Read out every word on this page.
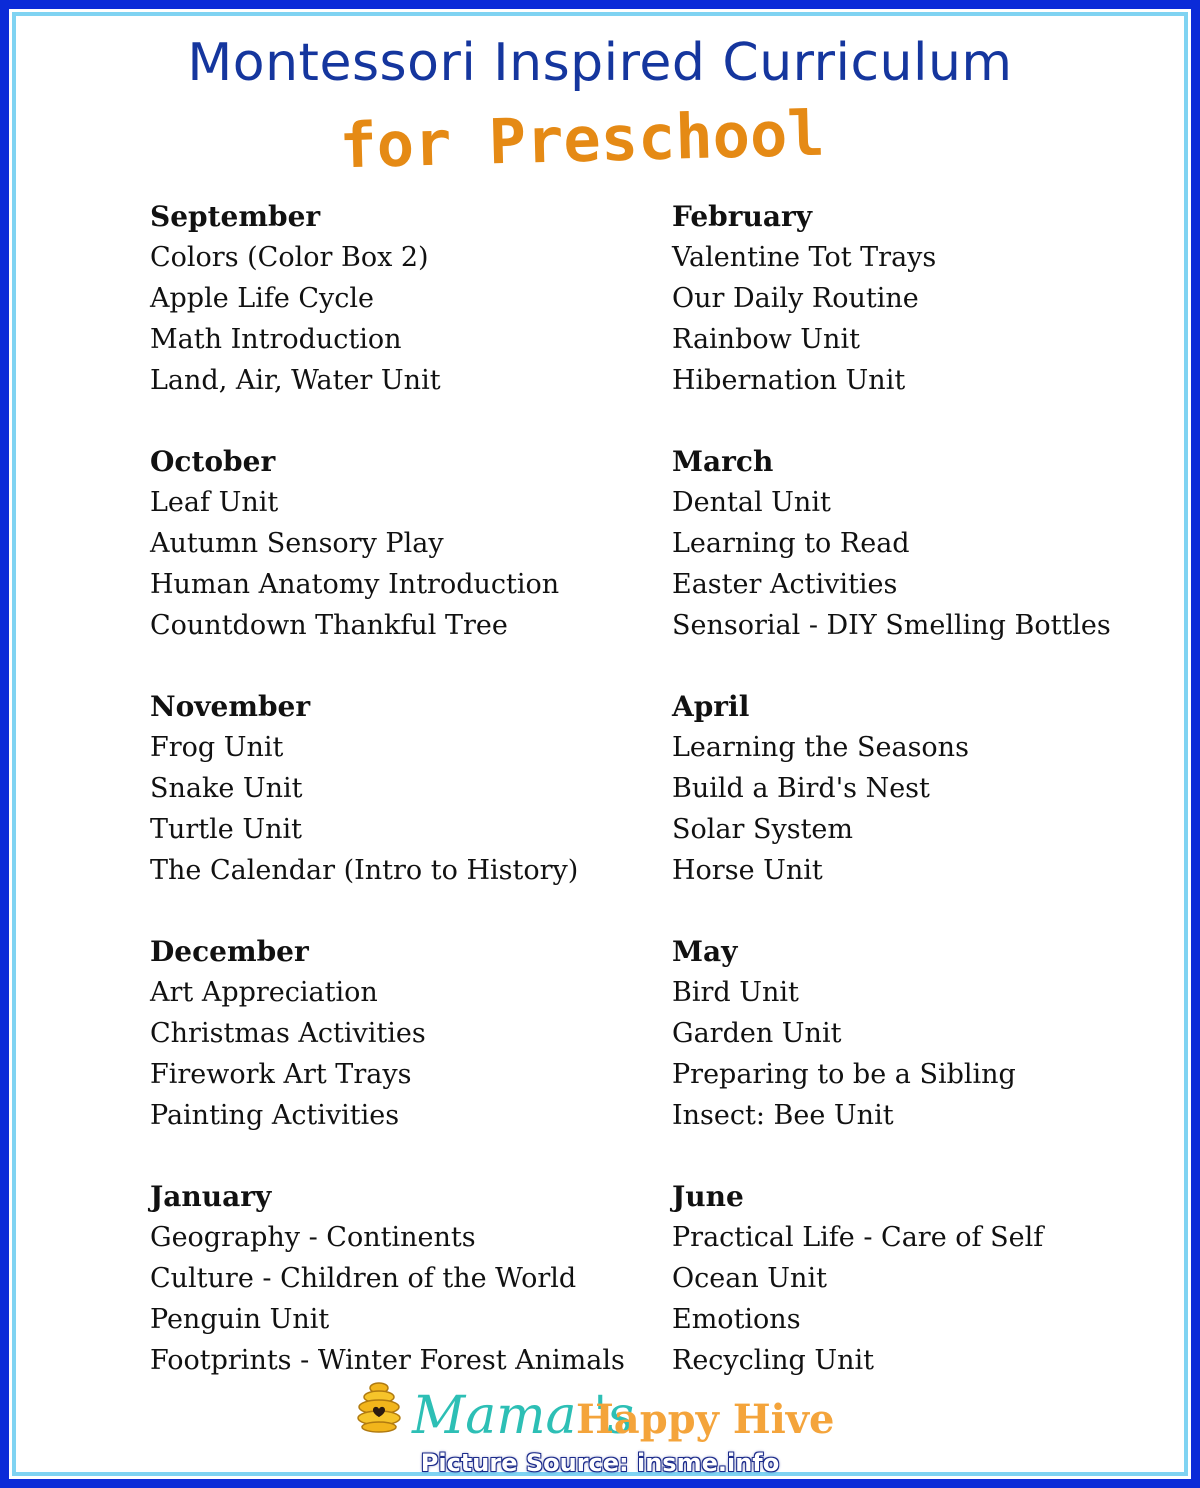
Montessori Inspired Curriculum
for Preschool
September
Colors (Color Box 2)
Apple Life Cycle
Math Introduction
Land, Air, Water Unit
October
Leaf Unit
Autumn Sensory Play
Human Anatomy Introduction
Countdown Thankful Tree
November
Frog Unit
Snake Unit
Turtle Unit
The Calendar (Intro to History)
December
Art Appreciation
Christmas Activities
Firework Art Trays
Painting Activities
January
Geography - Continents
Culture - Children of the World
Penguin Unit
Footprints - Winter Forest Animals
February
Valentine Tot Trays
Our Daily Routine
Rainbow Unit
Hibernation Unit
March
Dental Unit
Learning to Read
Easter Activities
Sensorial - DIY Smelling Bottles
April
Learning the Seasons
Build a Bird's Nest
Solar System
Horse Unit
May
Bird Unit
Garden Unit
Preparing to be a Sibling
Insect: Bee Unit
June
Practical Life - Care of Self
Ocean Unit
Emotions
Recycling Unit
Mama 's
Happy Hive
Picture Source: insme.info
